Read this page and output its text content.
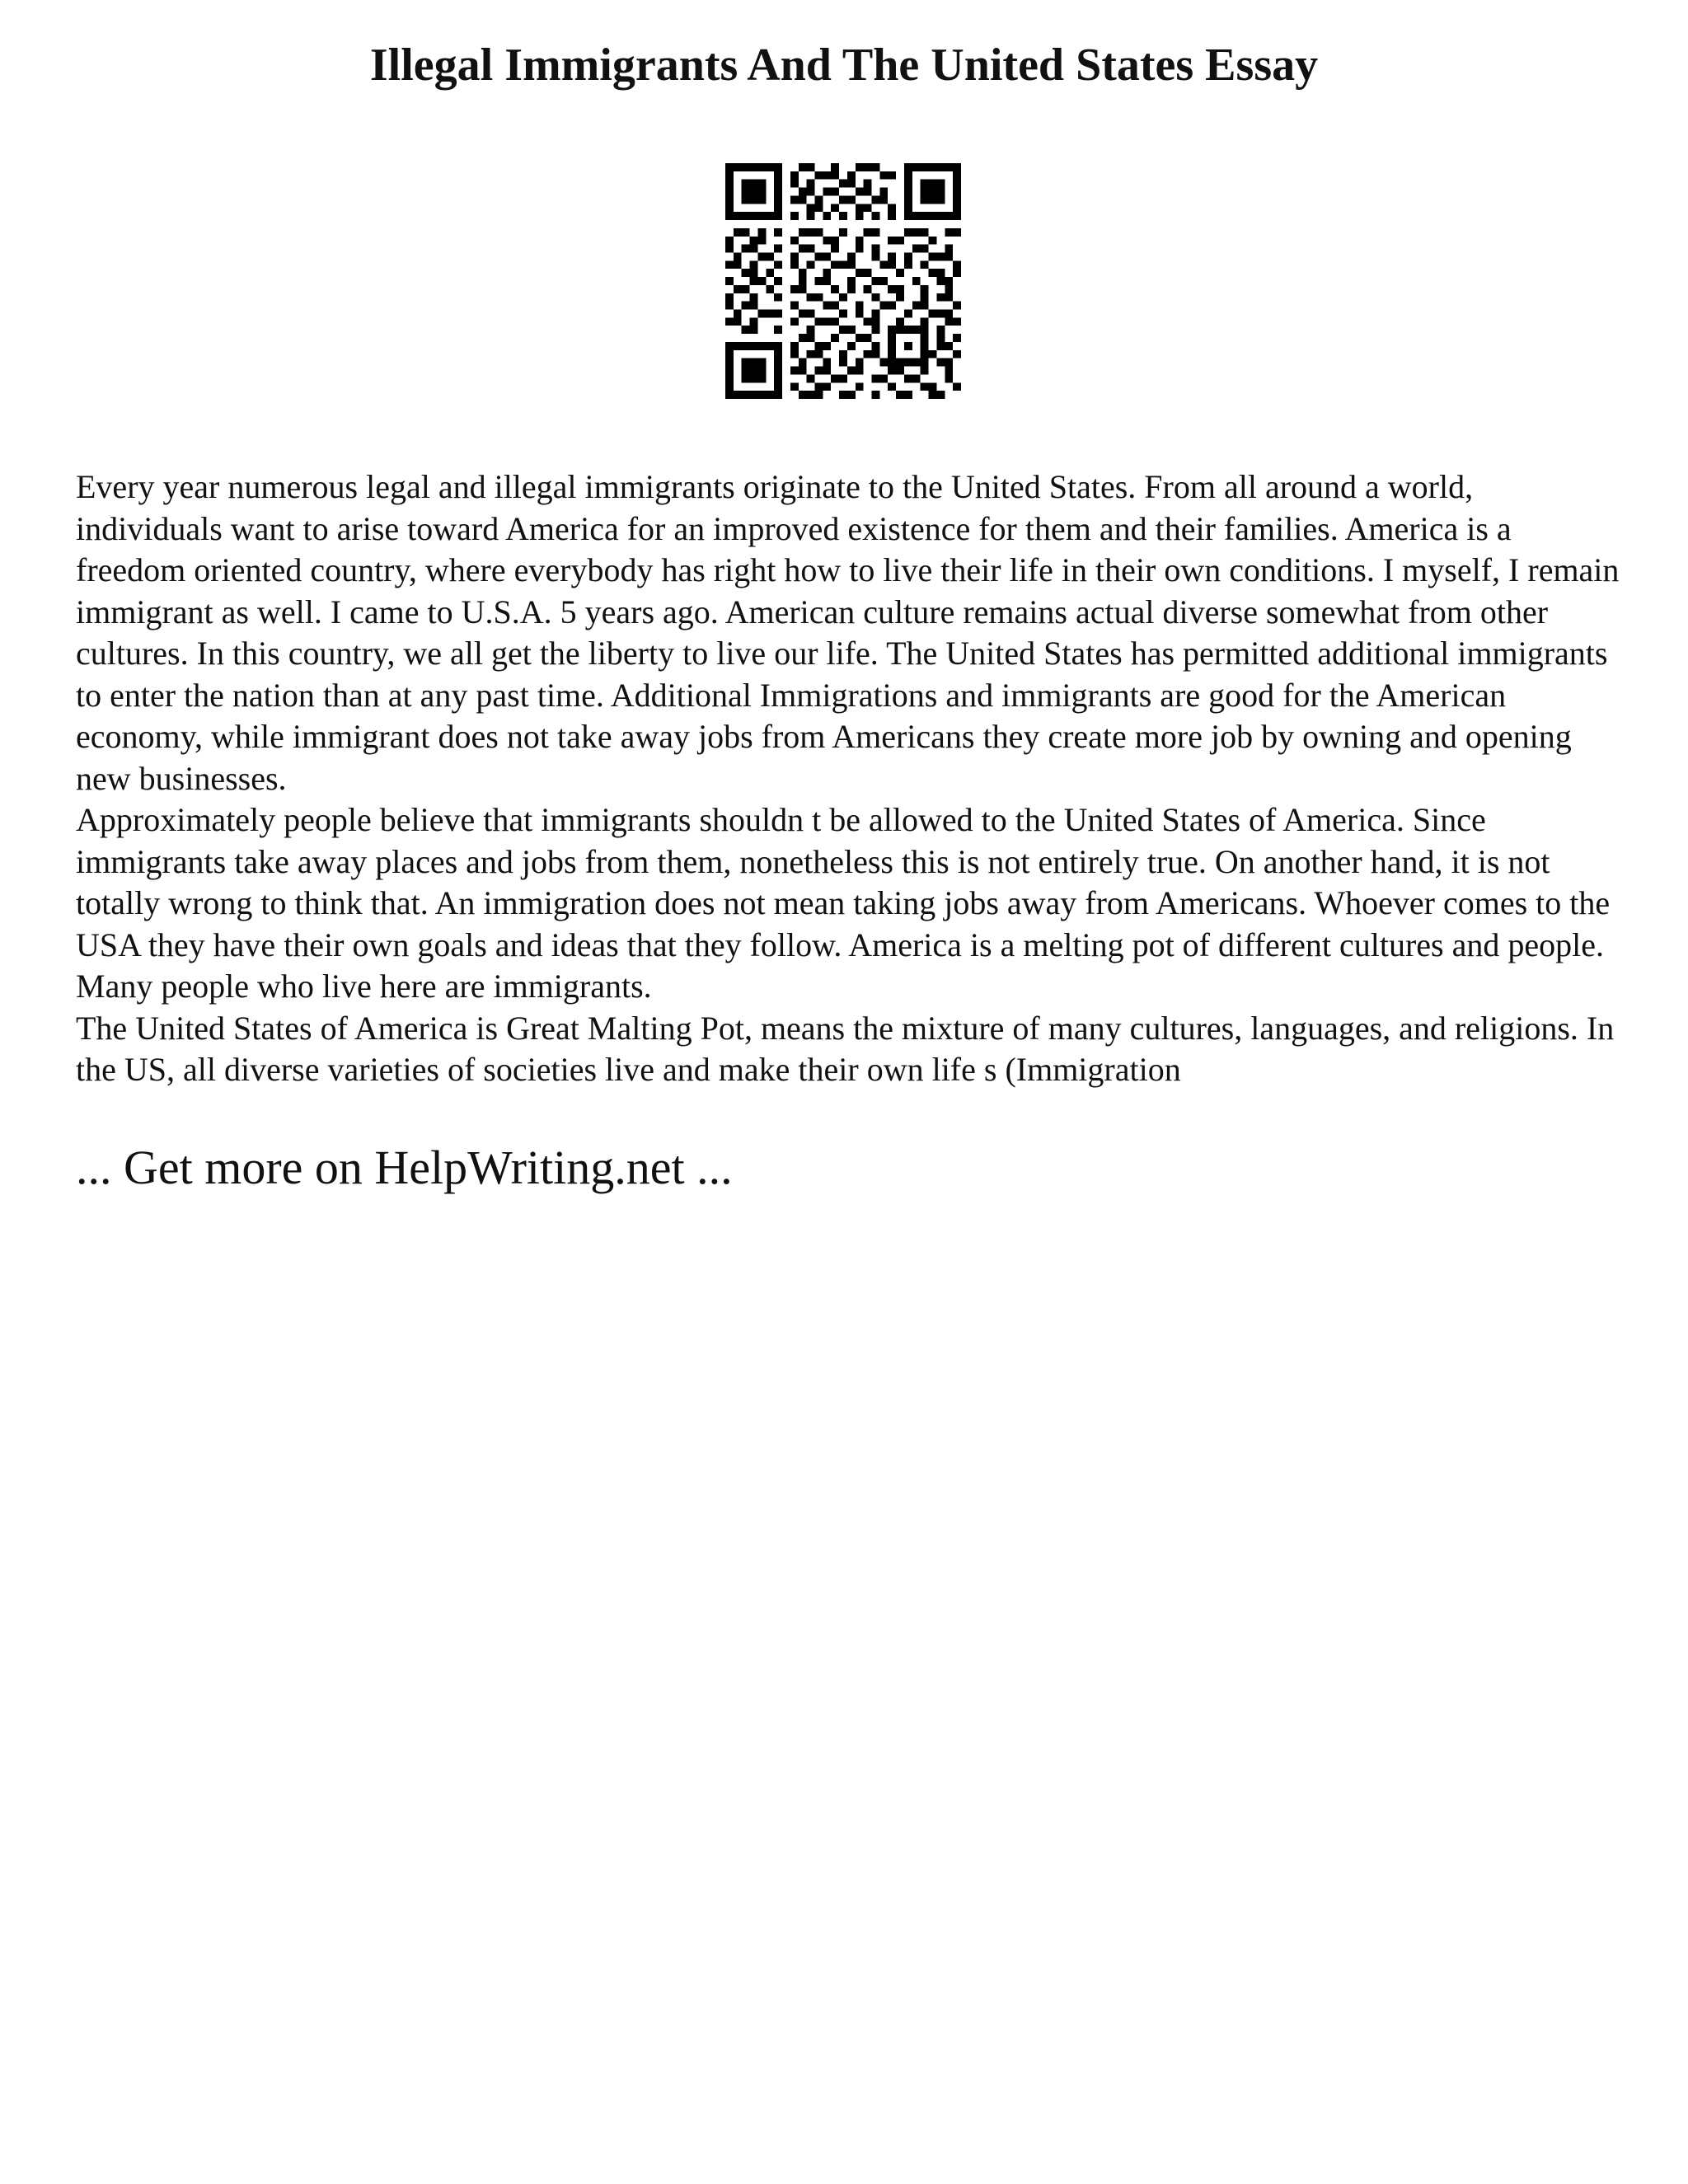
Illegal Immigrants And The United States Essay

Every year numerous legal and illegal immigrants originate to the United States. From all around a world, individuals want to arise toward America for an improved existence for them and their families. America is a freedom oriented country, where everybody has right how to live their life in their own conditions. I myself, I remain immigrant as well. I came to U.S.A. 5 years ago. American culture remains actual diverse somewhat from other cultures. In this country, we all get the liberty to live our life. The United States has permitted additional immigrants to enter the nation than at any past time. Additional Immigrations and immigrants are good for the American economy, while immigrant does not take away jobs from Americans they create more job by owning and opening new businesses.

Approximately people believe that immigrants shouldn t be allowed to the United States of America. Since immigrants take away places and jobs from them, nonetheless this is not entirely true. On another hand, it is not totally wrong to think that. An immigration does not mean taking jobs away from Americans. Whoever comes to the USA they have their own goals and ideas that they follow. America is a melting pot of different cultures and people. Many people who live here are immigrants.

The United States of America is Great Malting Pot, means the mixture of many cultures, languages, and religions. In the US, all diverse varieties of societies live and make their own life s (Immigration

... Get more on HelpWriting.net ...
